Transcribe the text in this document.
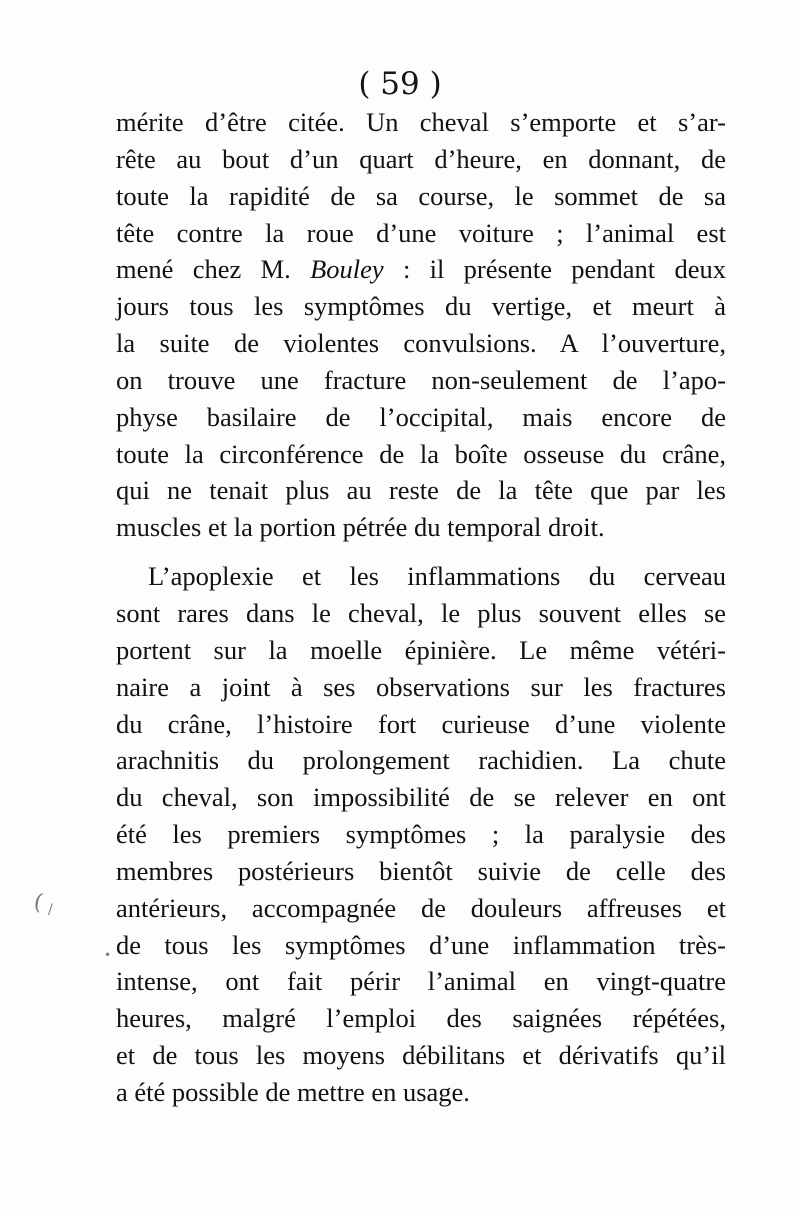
( 59 )
mérite d’être citée. Un cheval s’emporte et s’ar-
rête au bout d’un quart d’heure, en donnant, de
toute la rapidité de sa course, le sommet de sa
tête contre la roue d’une voiture ; l’animal est
mené chez M. Bouley : il présente pendant deux
jours tous les symptômes du vertige, et meurt à
la suite de violentes convulsions. A l’ouverture,
on trouve une fracture non-seulement de l’apo-
physe basilaire de l’occipital, mais encore de
toute la circonférence de la boîte osseuse du crâne,
qui ne tenait plus au reste de la tête que par les
muscles et la portion pétrée du temporal droit.
L’apoplexie et les inflammations du cerveau
sont rares dans le cheval, le plus souvent elles se
portent sur la moelle épinière. Le même vétéri-
naire a joint à ses observations sur les fractures
du crâne, l’histoire fort curieuse d’une violente
arachnitis du prolongement rachidien. La chute
du cheval, son impossibilité de se relever en ont
été les premiers symptômes ; la paralysie des
membres postérieurs bientôt suivie de celle des
antérieurs, accompagnée de douleurs affreuses et
de tous les symptômes d’une inflammation très-
intense, ont fait périr l’animal en vingt-quatre
heures, malgré l’emploi des saignées répétées,
et de tous les moyens débilitans et dérivatifs qu’il
a été possible de mettre en usage.
( /
•
